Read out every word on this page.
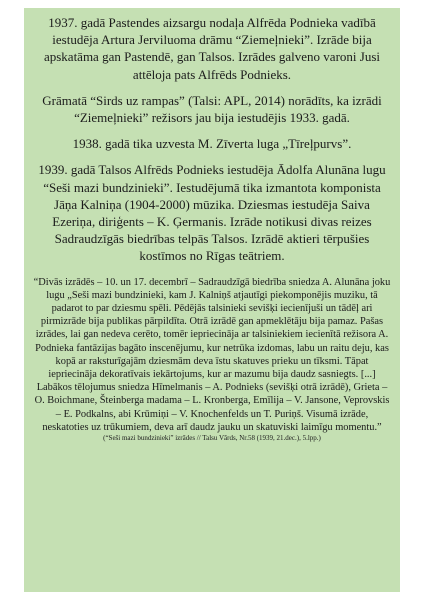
1937. gadā Pastendes aizsargu nodaļa Alfrēda Podnieka vadībā iestudēja Artura Jerviluoma drāmu “Ziemeļnieki”. Izrāde bija apskatāma gan Pastendē, gan Talsos. Izrādes galveno varoni Jusi attēloja pats Alfrēds Podnieks.

Grāmatā “Sirds uz rampas” (Talsi: APL, 2014) norādīts, ka izrādi “Ziemeļnieki” režisors jau bija iestudējis 1933. gadā.

1938. gadā tika uzvesta M. Zīverta luga „Tīreļpurvs”.

1939. gadā Talsos Alfrēds Podnieks iestudēja Ādolfa Alunāna lugu “Seši mazi bundzinieki”. Iestudējumā tika izmantota komponista Jāņa Kalniņa (1904-2000) mūzika. Dziesmas iestudēja Saiva Ezeriņa, diriģents – K. Ģermanis. Izrāde notikusi divas reizes Sadraudzīgās biedrības telpās Talsos. Izrādē aktieri tērpušies kostīmos no Rīgas teātriem.

“Divās izrādēs – 10. un 17. decembrī – Sadraudzīgā biedrība sniedza A. Alunāna joku lugu „Seši mazi bundzinieki, kam J. Kalniņš atjautīgi piekomponējis muziku, tā padarot to par dziesmu spēli. Pēdējās talsinieki sevišķi iecienījuši un tādēļ ari pirmizrāde bija publikas pārpildīta. Otrā izrādē gan apmeklētāju bija pamaz. Pašas izrādes, lai gan nedeva cerēto, tomēr iepriecināja ar talsiniekiem iecienītā režisora A. Podnieka fantāzijas bagāto inscenējumu, kur netrūka izdomas, labu un raitu deju, kas kopā ar raksturīgajām dziesmām deva īstu skatuves prieku un tīksmi. Tāpat iepriecināja dekoratīvais iekārtojums, kur ar mazumu bija daudz sasniegts. [...] Labākos tēlojumus sniedza Hīmelmanis – A. Podnieks (sevišķi otrā izrādē), Grieta – O. Boichmane, Šteinberga madama – L. Kronberga, Emīlija – V. Jansone, Veprovskis – E. Podkalns, abi Krūmiņi – V. Knochenfelds un T. Puriņš. Visumā izrāde, neskatoties uz trūkumiem, deva arī daudz jauku un skatuviski laimīgu momentu.”

(“Seši mazi bundzinieki” izrādes // Talsu Vārds, Nr.58 (1939, 21.dec.), 5.lpp.)
